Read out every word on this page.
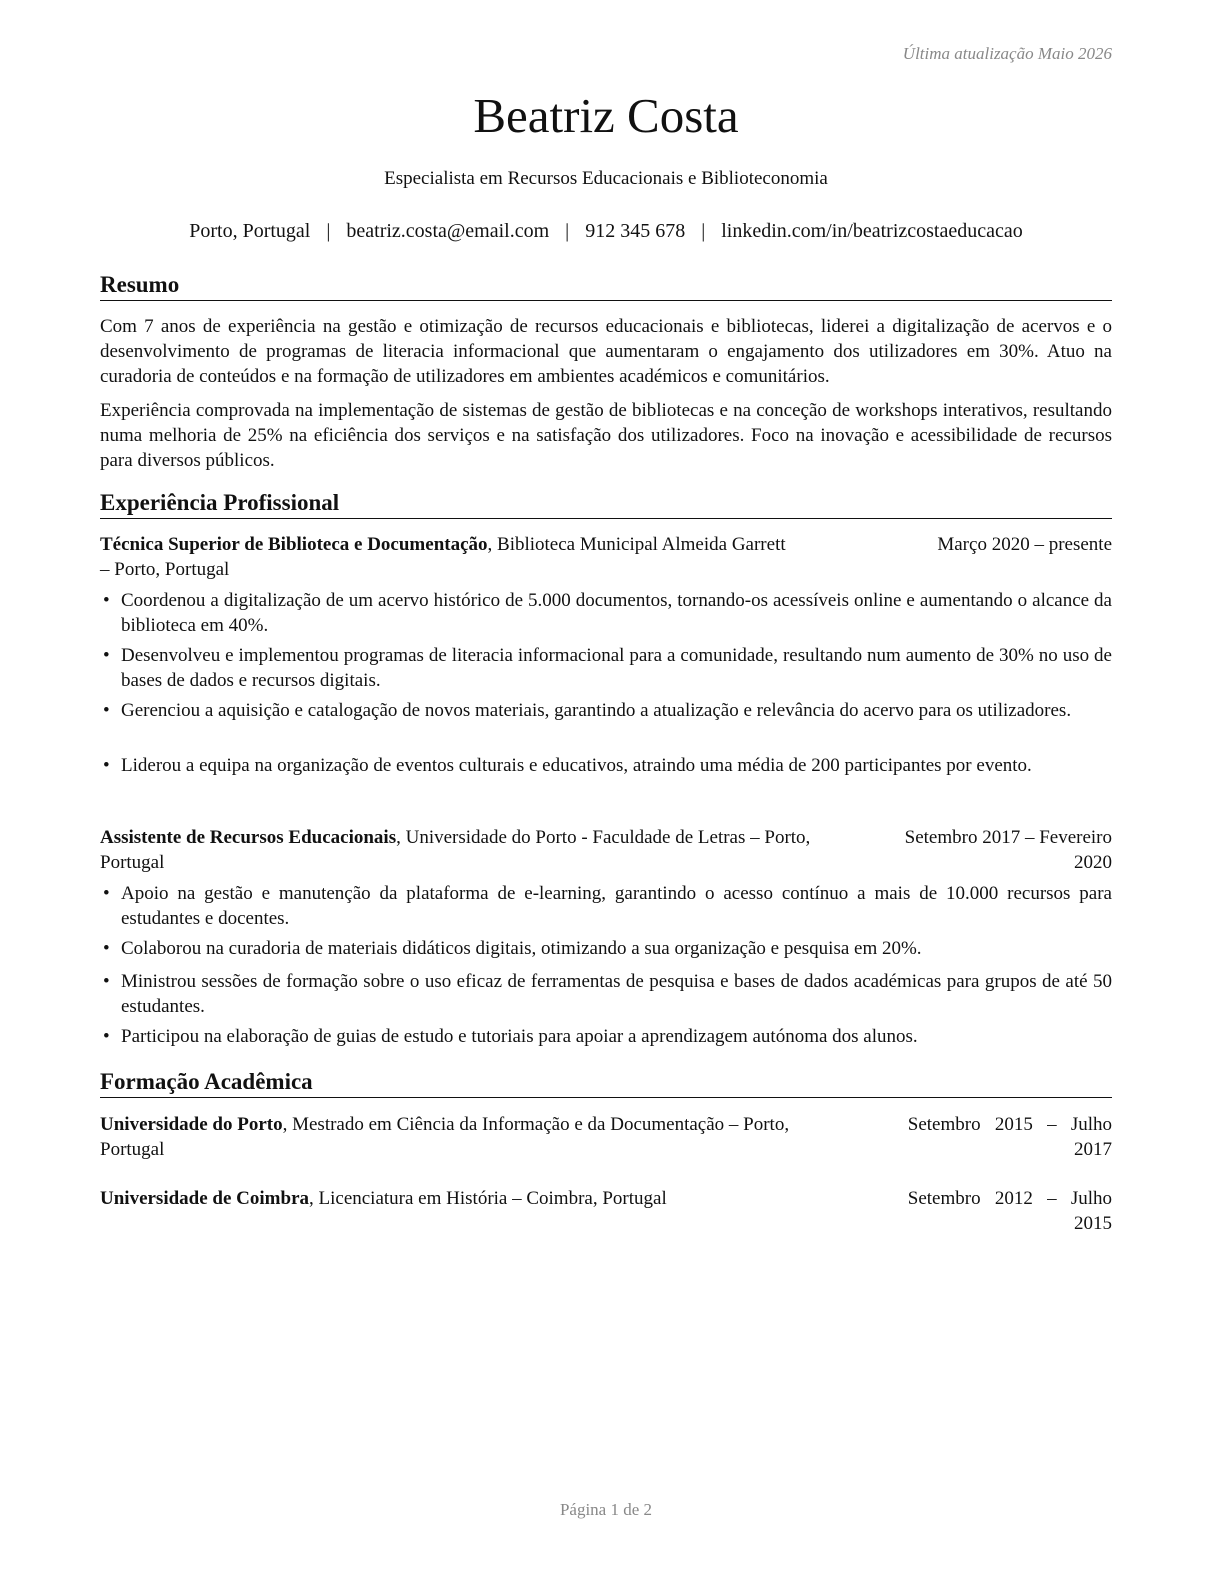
Última atualização Maio 2026
Beatriz Costa
Especialista em Recursos Educacionais e Biblioteconomia
Porto, Portugal | beatriz.costa@email.com | 912 345 678 | linkedin.com/in/beatrizcostaeducacao
Resumo
Com 7 anos de experiência na gestão e otimização de recursos educacionais e bibliotecas, liderei a digitalização de acervos e o desenvolvimento de programas de literacia informacional que aumentaram o engajamento dos utilizadores em 30%. Atuo na curadoria de conteúdos e na formação de utilizadores em ambientes académicos e comunitários.
Experiência comprovada na implementação de sistemas de gestão de bibliotecas e na conceção de workshops interativos, resultando numa melhoria de 25% na eficiência dos serviços e na satisfação dos utilizadores. Foco na inovação e acessibilidade de recursos para diversos públicos.
Experiência Profissional
Técnica Superior de Biblioteca e Documentação, Biblioteca Municipal Almeida Garrett	Março 2020 – presente
– Porto, Portugal
• Coordenou a digitalização de um acervo histórico de 5.000 documentos, tornando-os acessíveis online e aumentando o alcance da biblioteca em 40%.
• Desenvolveu e implementou programas de literacia informacional para a comunidade, resultando num aumento de 30% no uso de bases de dados e recursos digitais.
• Gerenciou a aquisição e catalogação de novos materiais, garantindo a atualização e relevância do acervo para os utilizadores.
• Liderou a equipa na organização de eventos culturais e educativos, atraindo uma média de 200 participantes por evento.
Assistente de Recursos Educacionais, Universidade do Porto - Faculdade de Letras – Porto,	Setembro 2017 – Fevereiro
Portugal	2020
• Apoio na gestão e manutenção da plataforma de e-learning, garantindo o acesso contínuo a mais de 10.000 recursos para estudantes e docentes.
• Colaborou na curadoria de materiais didáticos digitais, otimizando a sua organização e pesquisa em 20%.
• Ministrou sessões de formação sobre o uso eficaz de ferramentas de pesquisa e bases de dados académicas para grupos de até 50 estudantes.
• Participou na elaboração de guias de estudo e tutoriais para apoiar a aprendizagem autónoma dos alunos.
Formação Acadêmica
Universidade do Porto, Mestrado em Ciência da Informação e da Documentação – Porto,	Setembro   2015   –   Julho
Portugal	2017
Universidade de Coimbra, Licenciatura em História – Coimbra, Portugal	Setembro   2012   –   Julho
2015
Página 1 de 2
